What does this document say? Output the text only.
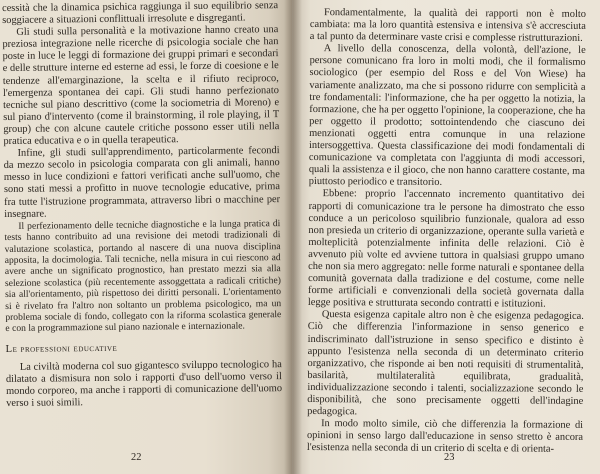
cessità che la dinamica psichica raggiunga il suo equilibrio senza soggiacere a situazioni conflittuali irresolute e disgreganti.

Gli studi sulla personalità e la motivazione hanno creato una preziosa integrazione nelle ricerche di psicologia sociale che han poste in luce le leggi di formazione dei gruppi primari e secondari e delle strutture interne ed esterne ad essi, le forze di coesione e le tendenze all'emarginazione, la scelta e il rifiuto reciproco, l'emergenza spontanea dei capi. Gli studi hanno perfezionato tecniche sul piano descrittivo (come la sociometria di Moreno) e sul piano d'intervento (come il brainstorming, il role playing, il T group) che con alcune cautele critiche possono esser utili nella pratica educativa e o in quella terapeutica.

Infine, gli studi sull'apprendimento, particolarmente fecondi da mezzo secolo in psicologia comparata con gli animali, hanno messo in luce condizioni e fattori verificati anche sull'uomo, che sono stati messi a profitto in nuove tecnologie educative, prima fra tutte l'istruzione programmata, attraverso libri o macchine per insegnare.

Il perfezionamento delle tecniche diagnostiche e la lunga pratica di tests hanno contribuito ad una revisione dei metodi tradizionali di valutazione scolastica, portando al nascere di una nuova disciplina apposita, la docimologia. Tali tecniche, nella misura in cui riescono ad avere anche un significato prognostico, han prestato mezzi sia alla selezione scolastica (più recentemente assoggettata a radicali critiche) sia all'orientamento, più rispettoso dei diritti personali. L'orientamento si è rivelato fra l'altro non soltanto un problema psicologico, ma un problema sociale di fondo, collegato con la riforma scolastica generale e con la programmazione sul piano nazionale e internazionale.

Le professioni educative

La civiltà moderna col suo gigantesco sviluppo tecnologico ha dilatato a dismisura non solo i rapporti d'uso dell'uomo verso il mondo corporeo, ma anche i rapporti di comunicazione dell'uomo verso i suoi simili.

22

Fondamentalmente, la qualità dei rapporti non è molto cambiata: ma la loro quantità estensiva e intensiva s'è accresciuta a tal punto da determinare vaste crisi e complesse ristrutturazioni.

A livello della conoscenza, della volontà, dell'azione, le persone comunicano fra loro in molti modi, che il formalismo sociologico (per esempio del Ross e del Von Wiese) ha variamente analizzato, ma che si possono ridurre con semplicità a tre fondamentali: l'informazione, che ha per oggetto la notizia, la formazione, che ha per oggetto l'opinione, la cooperazione, che ha per oggetto il prodotto; sottointendendo che ciascuno dei menzionati oggetti entra comunque in una relazione intersoggettiva. Questa classificazione dei modi fondamentali di comunicazione va completata con l'aggiunta di modi accessori, quali la assistenza e il gioco, che non hanno carattere costante, ma piuttosto periodico e transitorio.

Ebbene: proprio l'accennato incremento quantitativo dei rapporti di comunicazione tra le persone ha dimostrato che esso conduce a un pericoloso squilibrio funzionale, qualora ad esso non presieda un criterio di organizzazione, operante sulla varietà e molteplicità potenzialmente infinita delle relazioni. Ciò è avvenuto più volte ed avviene tuttora in qualsiasi gruppo umano che non sia mero aggregato: nelle forme naturali e spontanee della comunità governata dalla tradizione e del costume, come nelle forme artificiali e convenzionali della società governata dalla legge positiva e strutturata secondo contratti e istituzioni.

Questa esigenza capitale altro non è che esigenza pedagogica. Ciò che differenzia l'informazione in senso generico e indiscriminato dall'istruzione in senso specifico e distinto è appunto l'esistenza nella seconda di un determinato criterio organizzativo, che risponde ai ben noti requisiti di strumentalità, basilarità, multilateralità equilibrata, gradualità, individualizzazione secondo i talenti, socializzazione secondo le disponibilità, che sono precisamente oggetti dell'indagine pedagogica.

In modo molto simile, ciò che differenzia la formazione di opinioni in senso largo dall'educazione in senso stretto è ancora l'esistenza nella seconda di un criterio di scelta e di orienta-

23
